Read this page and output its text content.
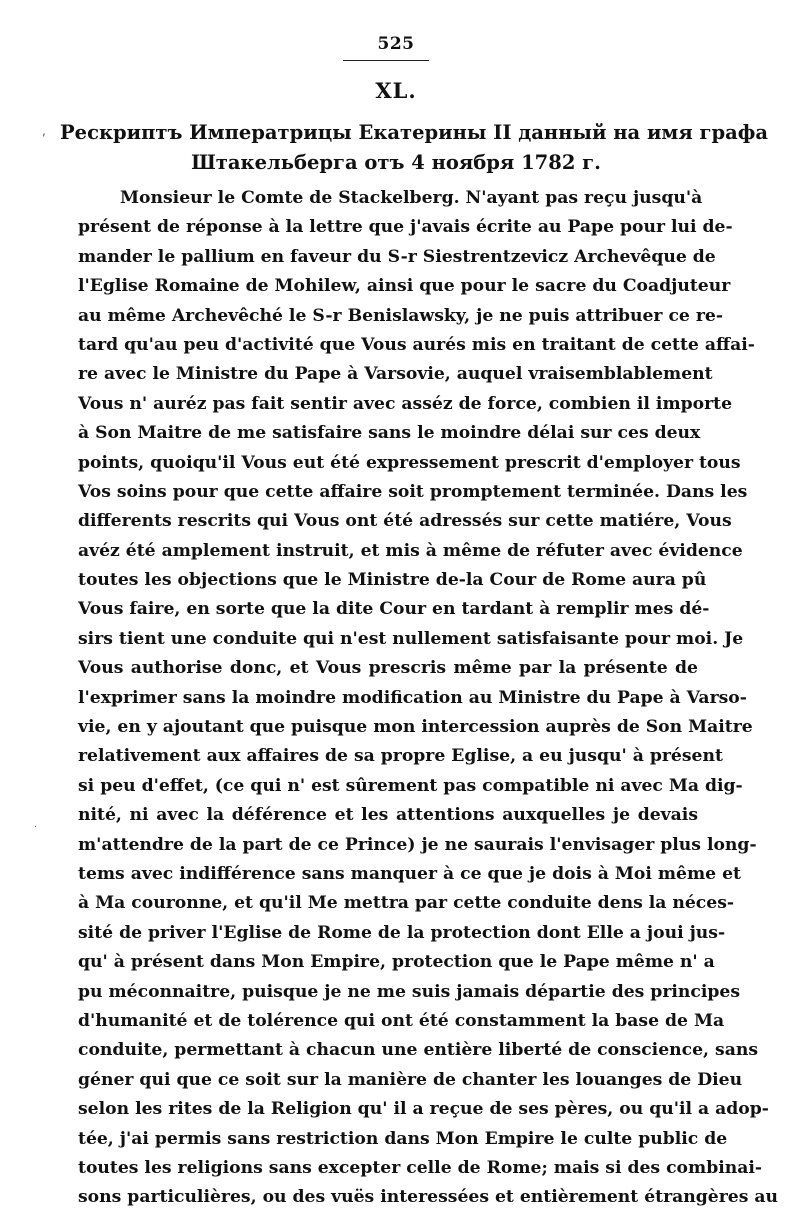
525
XL.
,
·
Рескриптъ Императрицы Екатерины II данный на имя графа
Штакельберга отъ 4 ноября 1782 г.
Monsieur le Comte de Stackelberg. N'ayant pas reçu jusqu'à
présent de réponse à la lettre que j'avais écrite au Pape pour lui de-
mander le pallium en faveur du S-r Siestrentzevicz Archevêque de
l'Eglise Romaine de Mohilew, ainsi que pour le sacre du Coadjuteur
au même Archevêché le S-r Benislawsky, je ne puis attribuer ce re-
tard qu'au peu d'activité que Vous aurés mis en traitant de cette affai-
re avec le Ministre du Pape à Varsovie, auquel vraisemblablement
Vous n' auréz pas fait sentir avec asséz de force, combien il importe
à Son Maitre de me satisfaire sans le moindre délai sur ces deux
points, quoiqu'il Vous eut été expressement prescrit d'employer tous
Vos soins pour que cette affaire soit promptement terminée. Dans les
differents rescrits qui Vous ont été adressés sur cette matiére, Vous
avéz été amplement instruit, et mis à même de réfuter avec évidence
toutes les objections que le Ministre de-la Cour de Rome aura pû
Vous faire, en sorte que la dite Cour en tardant à remplir mes dé-
sirs tient une conduite qui n'est nullement satisfaisante pour moi. Je
Vous authorise donc, et Vous prescris même par la présente de
l'exprimer sans la moindre modification au Ministre du Pape à Varso-
vie, en y ajoutant que puisque mon intercession auprès de Son Maitre
relativement aux affaires de sa propre Eglise, a eu jusqu' à présent
si peu d'effet, (ce qui n' est sûrement pas compatible ni avec Ma dig-
nité, ni avec la déférence et les attentions auxquelles je devais
m'attendre de la part de ce Prince) je ne saurais l'envisager plus long-
tems avec indifférence sans manquer à ce que je dois à Moi même et
à Ma couronne, et qu'il Me mettra par cette conduite dens la néces-
sité de priver l'Eglise de Rome de la protection dont Elle a joui jus-
qu' à présent dans Mon Empire, protection que le Pape même n' a
pu méconnaitre, puisque je ne me suis jamais départie des principes
d'humanité et de tolérence qui ont été constamment la base de Ma
conduite, permettant à chacun une entière liberté de conscience, sans
géner qui que ce soit sur la manière de chanter les louanges de Dieu
selon les rites de la Religion qu' il a reçue de ses pères, ou qu'il a adop-
tée, j'ai permis sans restriction dans Mon Empire le culte public de
toutes les religions sans excepter celle de Rome; mais si des combinai-
sons particulières, ou des vuës interessées et entièrement étrangères au
